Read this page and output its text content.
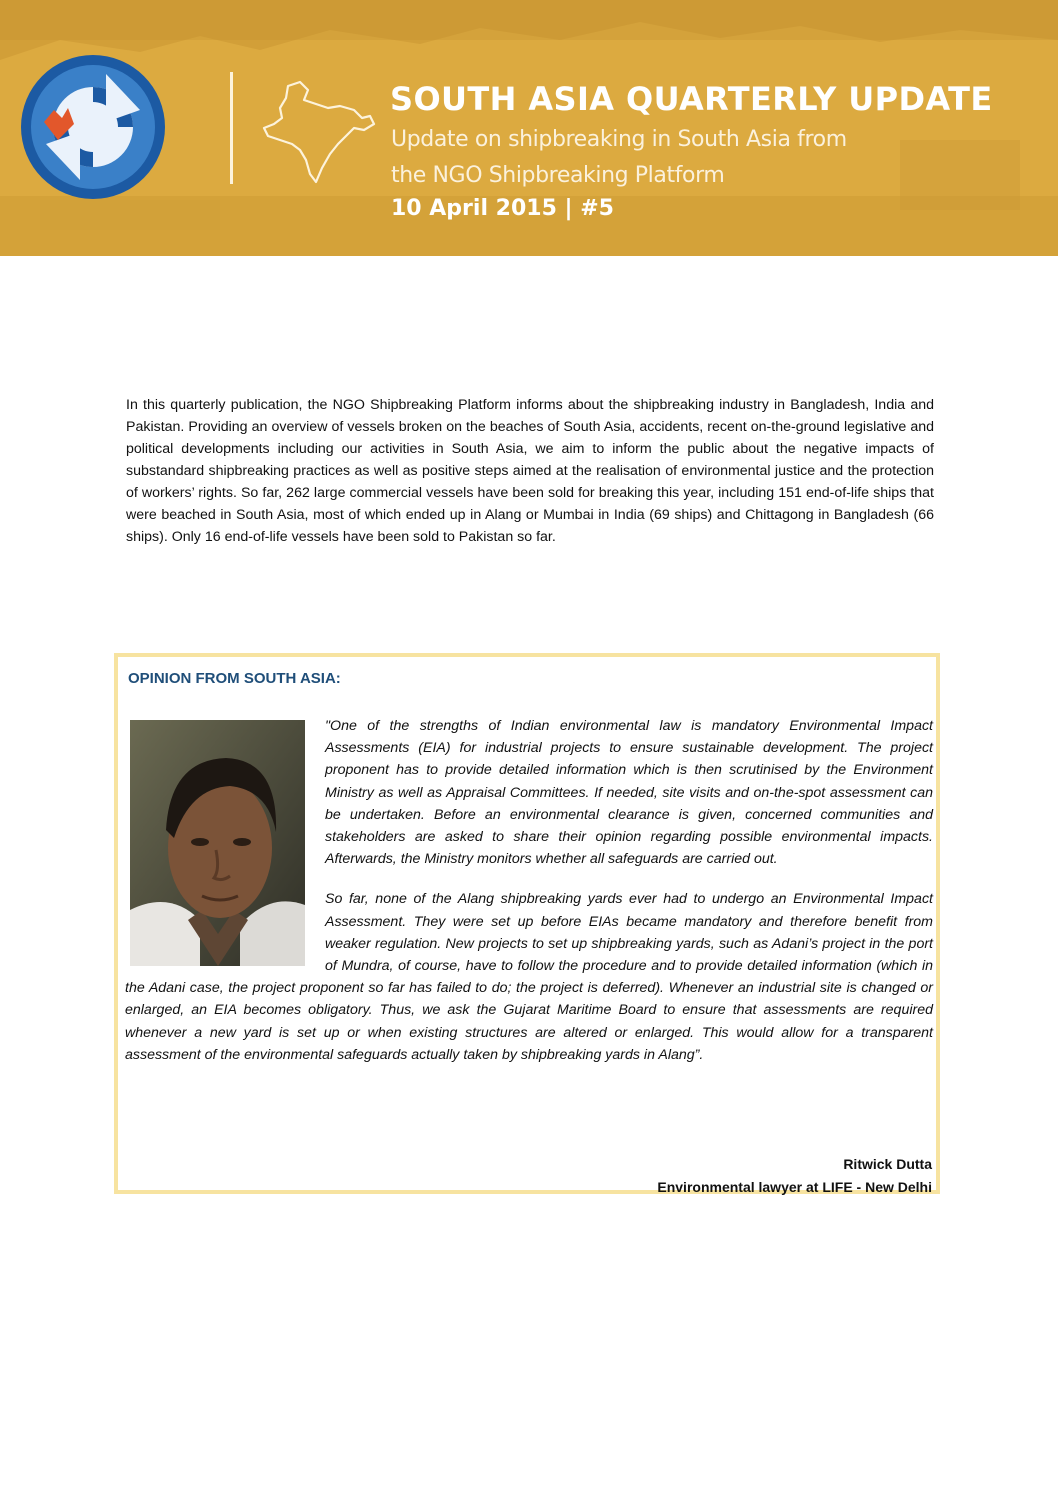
SOUTH ASIA QUARTERLY UPDATE
Update on shipbreaking in South Asia from the NGO Shipbreaking Platform
10 April 2015 | #5

In this quarterly publication, the NGO Shipbreaking Platform informs about the shipbreaking industry in Bangladesh, India and Pakistan. Providing an overview of vessels broken on the beaches of South Asia, accidents, recent on-the-ground legislative and political developments including our activities in South Asia, we aim to inform the public about the negative impacts of substandard shipbreaking practices as well as positive steps aimed at the realisation of environmental justice and the protection of workers’ rights. So far, 262 large commercial vessels have been sold for breaking this year, including 151 end-of-life ships that were beached in South Asia, most of which ended up in Alang or Mumbai in India (69 ships) and Chittagong in Bangladesh (66 ships). Only 16 end-of-life vessels have been sold to Pakistan so far.

OPINION FROM SOUTH ASIA:

"One of the strengths of Indian environmental law is mandatory Environmental Impact Assessments (EIA) for industrial projects to ensure sustainable development. The project proponent has to provide detailed information which is then scrutinised by the Environment Ministry as well as Appraisal Committees. If needed, site visits and on-the-spot assessment can be undertaken. Before an environmental clearance is given, concerned communities and stakeholders are asked to share their opinion regarding possible environmental impacts. Afterwards, the Ministry monitors whether all safeguards are carried out.

So far, none of the Alang shipbreaking yards ever had to undergo an Environmental Impact Assessment. They were set up before EIAs became mandatory and therefore benefit from weaker regulation. New projects to set up shipbreaking yards, such as Adani’s project in the port of Mundra, of course, have to follow the procedure and to provide detailed information (which in the Adani case, the project proponent so far has failed to do; the project is deferred). Whenever an industrial site is changed or enlarged, an EIA becomes obligatory. Thus, we ask the Gujarat Maritime Board to ensure that assessments are required whenever a new yard is set up or when existing structures are altered or enlarged. This would allow for a transparent assessment of the environmental safeguards actually taken by shipbreaking yards in Alang”.

Ritwick Dutta
Environmental lawyer at LIFE - New Delhi
